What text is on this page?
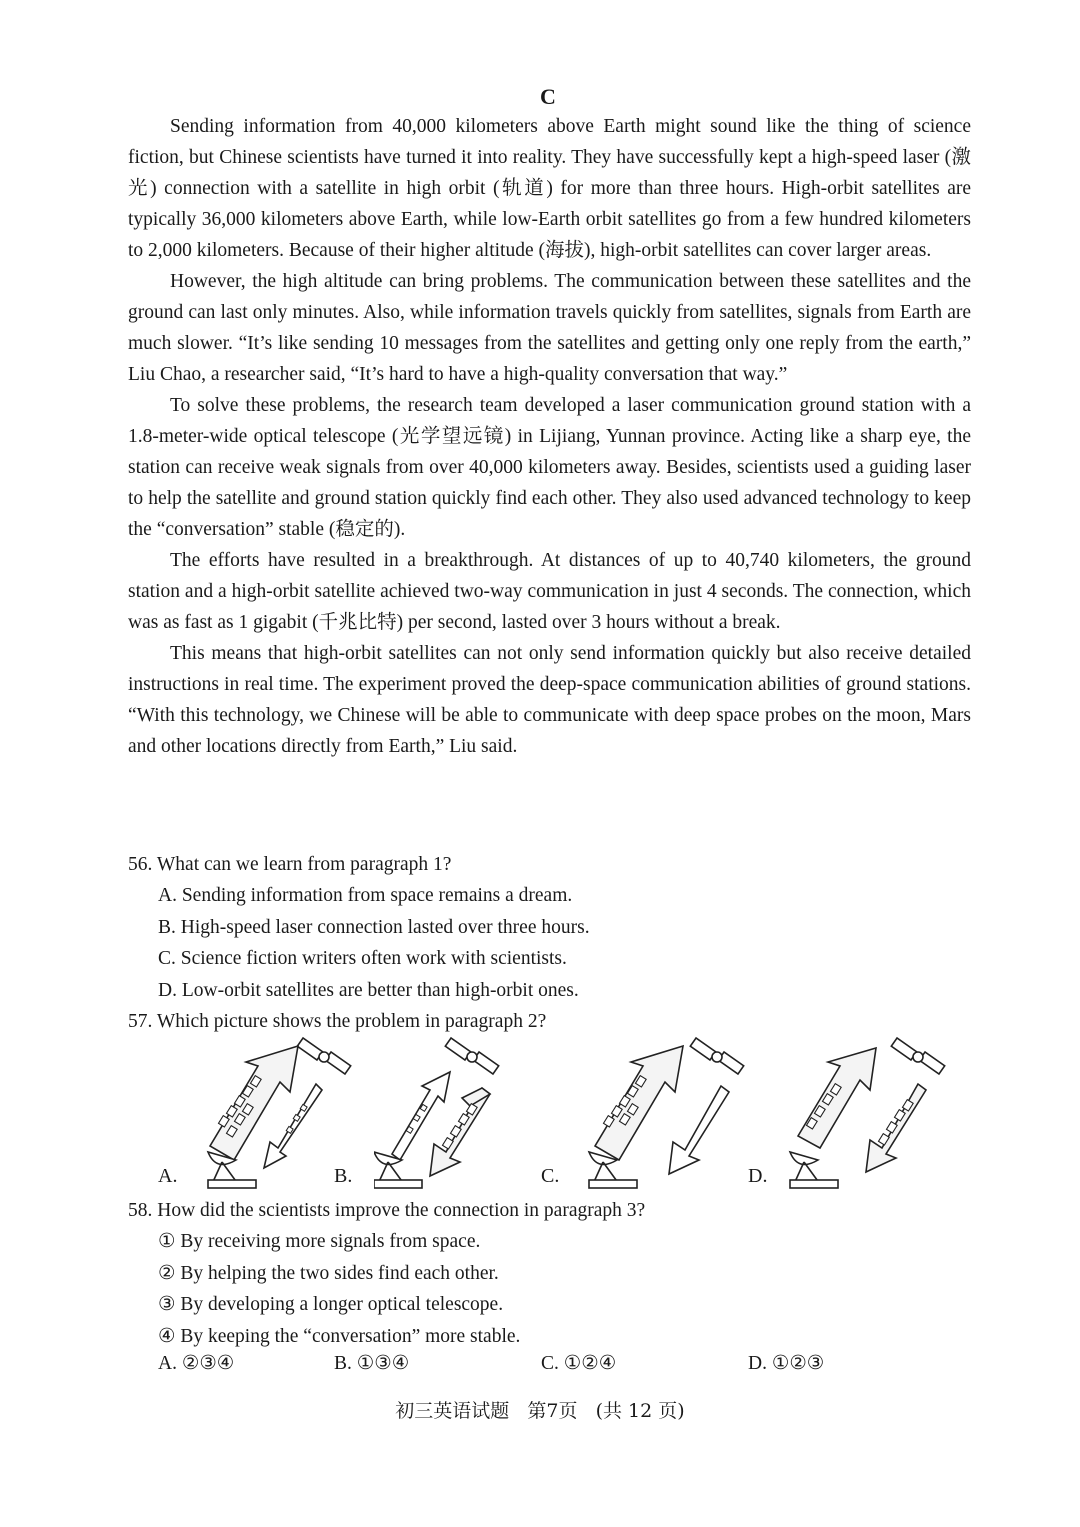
C

Sending information from 40,000 kilometers above Earth might sound like the thing of science fiction, but Chinese scientists have turned it into reality. They have successfully kept a high-speed laser (激光) connection with a satellite in high orbit (轨道) for more than three hours. High-orbit satellites are typically 36,000 kilometers above Earth, while low-Earth orbit satellites go from a few hundred kilometers to 2,000 kilometers. Because of their higher altitude (海拔), high-orbit satellites can cover larger areas.

However, the high altitude can bring problems. The communication between these satellites and the ground can last only minutes. Also, while information travels quickly from satellites, signals from Earth are much slower. “It’s like sending 10 messages from the satellites and getting only one reply from the earth,” Liu Chao, a researcher said, “It’s hard to have a high-quality conversation that way.”

To solve these problems, the research team developed a laser communication ground station with a 1.8-meter-wide optical telescope (光学望远镜) in Lijiang, Yunnan province. Acting like a sharp eye, the station can receive weak signals from over 40,000 kilometers away. Besides, scientists used a guiding laser to help the satellite and ground station quickly find each other. They also used advanced technology to keep the “conversation” stable (稳定的).

The efforts have resulted in a breakthrough. At distances of up to 40,740 kilometers, the ground station and a high-orbit satellite achieved two-way communication in just 4 seconds. The connection, which was as fast as 1 gigabit (千兆比特) per second, lasted over 3 hours without a break.

This means that high-orbit satellites can not only send information quickly but also receive detailed instructions in real time. The experiment proved the deep-space communication abilities of ground stations. “With this technology, we Chinese will be able to communicate with deep space probes on the moon, Mars and other locations directly from Earth,” Liu said.

56. What can we learn from paragraph 1?
A. Sending information from space remains a dream.
B. High-speed laser connection lasted over three hours.
C. Science fiction writers often work with scientists.
D. Low-orbit satellites are better than high-orbit ones.
57. Which picture shows the problem in paragraph 2?
A.	B.	C.	D.
58. How did the scientists improve the connection in paragraph 3?
① By receiving more signals from space.
② By helping the two sides find each other.
③ By developing a longer optical telescope.
④ By keeping the “conversation” more stable.
A. ②③④	B. ①③④	C. ①②④	D. ①②③
初三英语试题   第7页   (共 12 页)
